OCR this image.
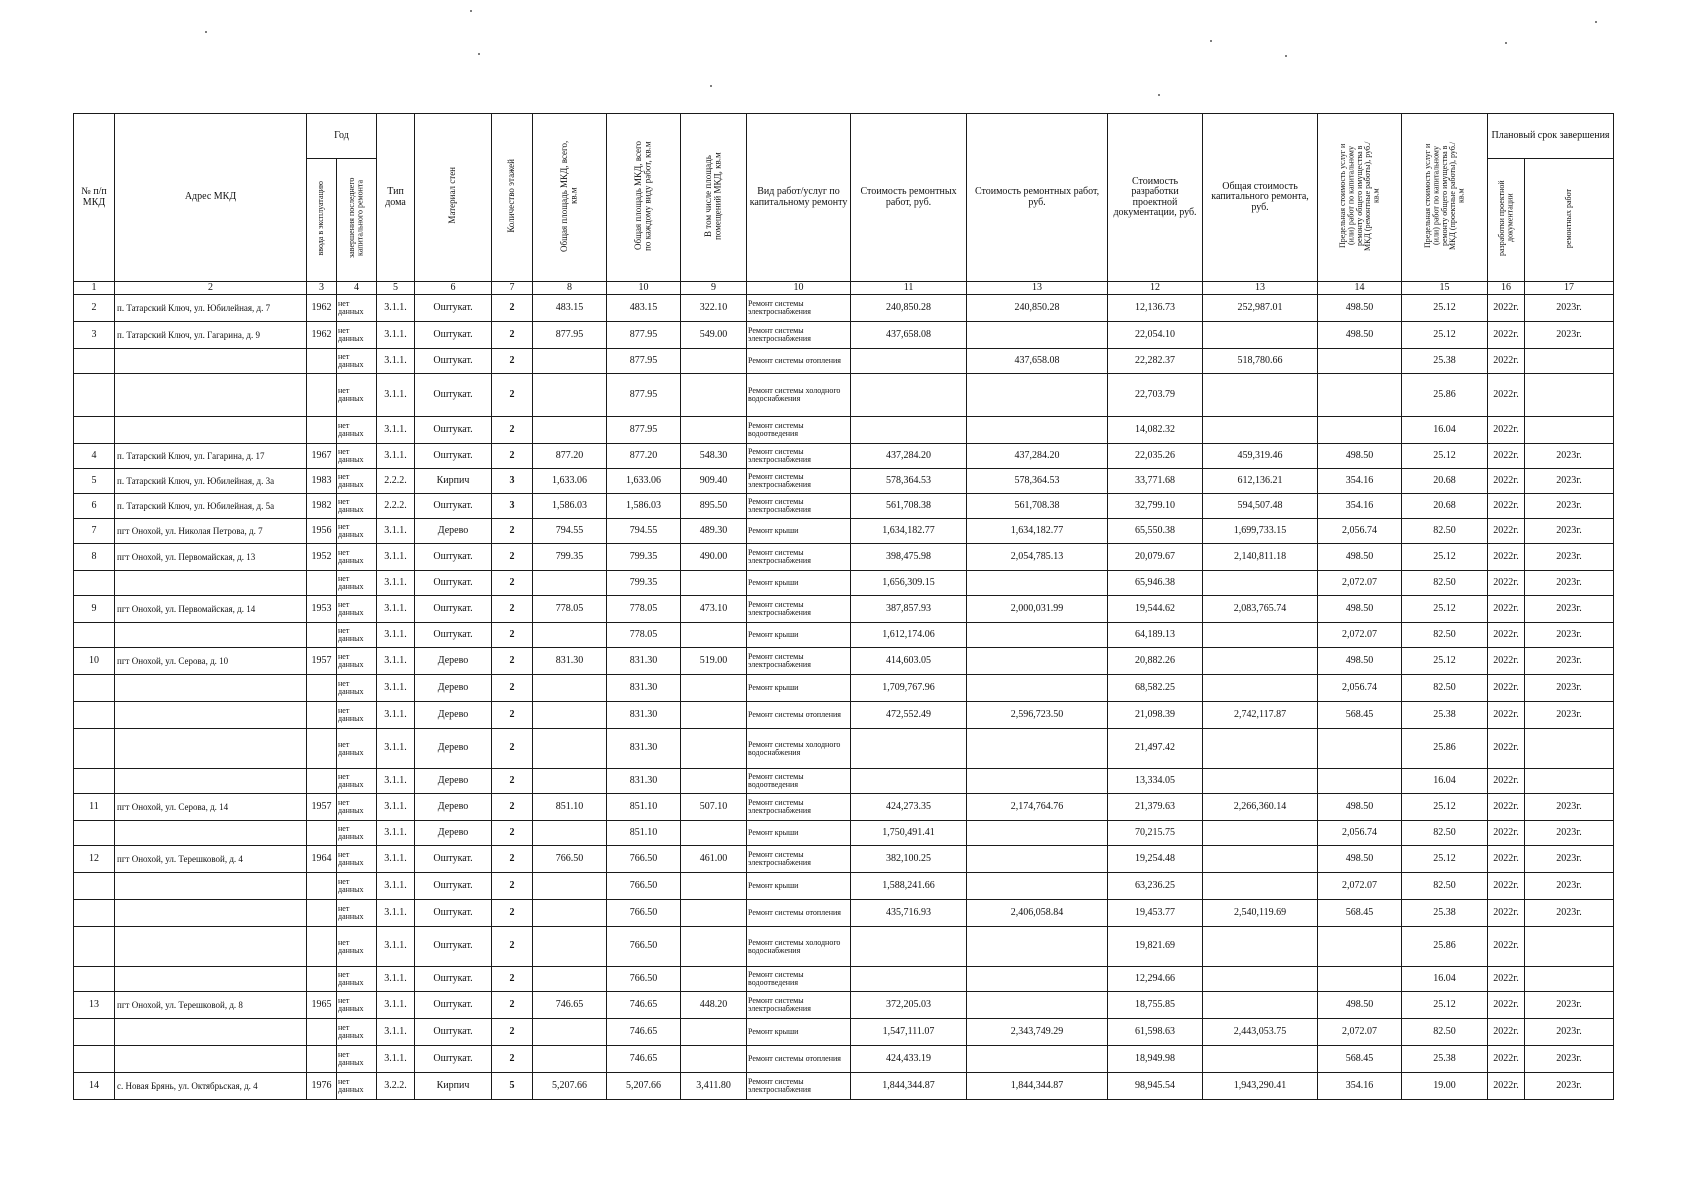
№ п/п МКД	Адрес МКД	Год		Тип дома	Материал стен	Количество этажей	Общая площадь МКД, всего, кв.м	Общая площадь МКД, всего по каждому виду работ, кв.м	В том числе площадь помещений МКД, кв.м	Вид работ/услуг по капитальному ремонту	Стоимость ремонтных работ, руб.	Стоимость ремонтных работ, руб.	Стоимость разработки проектной документации, руб.	Общая стоимость капитального ремонта, руб.	Предельная стоимость услуг и (или) работ по капитальному ремонту общего имущества в МКД (ремонтные работы), руб./кв.м	Предельная стоимость услуг и (или) работ по капитальному ремонту общего имущества в МКД (проектные работы), руб./кв.м	Плановый срок завершения	
		ввода в эксплуатацию	завершения последнего капитального ремонта														разработки проектной документации	ремонтных работ
1	2	3	4	5	6	7	8	10	9	10	11	13	12	13	14	15	16	17
2	п. Татарский Ключ, ул. Юбилейная, д. 7	1962	нет данных	3.1.1.	Оштукат.	2	483.15	483.15	322.10	Ремонт системы электроснабжения	240,850.28	240,850.28	12,136.73	252,987.01	498.50	25.12	2022г.	2023г.
3	п. Татарский Ключ, ул. Гагарина, д. 9	1962	нет данных	3.1.1.	Оштукат.	2	877.95	877.95	549.00	Ремонт системы электроснабжения	437,658.08		22,054.10		498.50	25.12	2022г.	2023г.
			нет данных	3.1.1.	Оштукат.	2		877.95		Ремонт системы отопления		437,658.08	22,282.37	518,780.66		25.38	2022г.	
			нет данных	3.1.1.	Оштукат.	2		877.95		Ремонт системы холодного водоснабжения			22,703.79			25.86	2022г.	
			нет данных	3.1.1.	Оштукат.	2		877.95		Ремонт системы водоотведения			14,082.32			16.04	2022г.	
4	п. Татарский Ключ, ул. Гагарина, д. 17	1967	нет данных	3.1.1.	Оштукат.	2	877.20	877.20	548.30	Ремонт системы электроснабжения	437,284.20	437,284.20	22,035.26	459,319.46	498.50	25.12	2022г.	2023г.
5	п. Татарский Ключ, ул. Юбилейная, д. 3а	1983	нет данных	2.2.2.	Кирпич	3	1,633.06	1,633.06	909.40	Ремонт системы электроснабжения	578,364.53	578,364.53	33,771.68	612,136.21	354.16	20.68	2022г.	2023г.
6	п. Татарский Ключ, ул. Юбилейная, д. 5а	1982	нет данных	2.2.2.	Оштукат.	3	1,586.03	1,586.03	895.50	Ремонт системы электроснабжения	561,708.38	561,708.38	32,799.10	594,507.48	354.16	20.68	2022г.	2023г.
7	пгт Онохой, ул. Николая Петрова, д. 7	1956	нет данных	3.1.1.	Дерево	2	794.55	794.55	489.30	Ремонт крыши	1,634,182.77	1,634,182.77	65,550.38	1,699,733.15	2,056.74	82.50	2022г.	2023г.
8	пгт Онохой, ул. Первомайская, д. 13	1952	нет данных	3.1.1.	Оштукат.	2	799.35	799.35	490.00	Ремонт системы электроснабжения	398,475.98	2,054,785.13	20,079.67	2,140,811.18	498.50	25.12	2022г.	2023г.
			нет данных	3.1.1.	Оштукат.	2		799.35		Ремонт крыши	1,656,309.15		65,946.38		2,072.07	82.50	2022г.	2023г.
9	пгт Онохой, ул. Первомайская, д. 14	1953	нет данных	3.1.1.	Оштукат.	2	778.05	778.05	473.10	Ремонт системы электроснабжения	387,857.93	2,000,031.99	19,544.62	2,083,765.74	498.50	25.12	2022г.	2023г.
			нет данных	3.1.1.	Оштукат.	2		778.05		Ремонт крыши	1,612,174.06		64,189.13		2,072.07	82.50	2022г.	2023г.
10	пгт Онохой, ул. Серова, д. 10	1957	нет данных	3.1.1.	Дерево	2	831.30	831.30	519.00	Ремонт системы электроснабжения	414,603.05		20,882.26		498.50	25.12	2022г.	2023г.
			нет данных	3.1.1.	Дерево	2		831.30		Ремонт крыши	1,709,767.96		68,582.25		2,056.74	82.50	2022г.	2023г.
			нет данных	3.1.1.	Дерево	2		831.30		Ремонт системы отопления	472,552.49	2,596,723.50	21,098.39	2,742,117.87	568.45	25.38	2022г.	2023г.
			нет данных	3.1.1.	Дерево	2		831.30		Ремонт системы холодного водоснабжения			21,497.42			25.86	2022г.	
			нет данных	3.1.1.	Дерево	2		831.30		Ремонт системы водоотведения			13,334.05			16.04	2022г.	
11	пгт Онохой, ул. Серова, д. 14	1957	нет данных	3.1.1.	Дерево	2	851.10	851.10	507.10	Ремонт системы электроснабжения	424,273.35	2,174,764.76	21,379.63	2,266,360.14	498.50	25.12	2022г.	2023г.
			нет данных	3.1.1.	Дерево	2		851.10		Ремонт крыши	1,750,491.41		70,215.75		2,056.74	82.50	2022г.	2023г.
12	пгт Онохой, ул. Терешковой, д. 4	1964	нет данных	3.1.1.	Оштукат.	2	766.50	766.50	461.00	Ремонт системы электроснабжения	382,100.25		19,254.48		498.50	25.12	2022г.	2023г.
			нет данных	3.1.1.	Оштукат.	2		766.50		Ремонт крыши	1,588,241.66		63,236.25		2,072.07	82.50	2022г.	2023г.
			нет данных	3.1.1.	Оштукат.	2		766.50		Ремонт системы отопления	435,716.93	2,406,058.84	19,453.77	2,540,119.69	568.45	25.38	2022г.	2023г.
			нет данных	3.1.1.	Оштукат.	2		766.50		Ремонт системы холодного водоснабжения			19,821.69			25.86	2022г.	
			нет данных	3.1.1.	Оштукат.	2		766.50		Ремонт системы водоотведения			12,294.66			16.04	2022г.	
13	пгт Онохой, ул. Терешковой, д. 8	1965	нет данных	3.1.1.	Оштукат.	2	746.65	746.65	448.20	Ремонт системы электроснабжения	372,205.03		18,755.85		498.50	25.12	2022г.	2023г.
			нет данных	3.1.1.	Оштукат.	2		746.65		Ремонт крыши	1,547,111.07	2,343,749.29	61,598.63	2,443,053.75	2,072.07	82.50	2022г.	2023г.
			нет данных	3.1.1.	Оштукат.	2		746.65		Ремонт системы отопления	424,433.19		18,949.98		568.45	25.38	2022г.	2023г.
14	с. Новая Брянь, ул. Октябрьская, д. 4	1976	нет данных	3.2.2.	Кирпич	5	5,207.66	5,207.66	3,411.80	Ремонт системы электроснабжения	1,844,344.87	1,844,344.87	98,945.54	1,943,290.41	354.16	19.00	2022г.	2023г.
